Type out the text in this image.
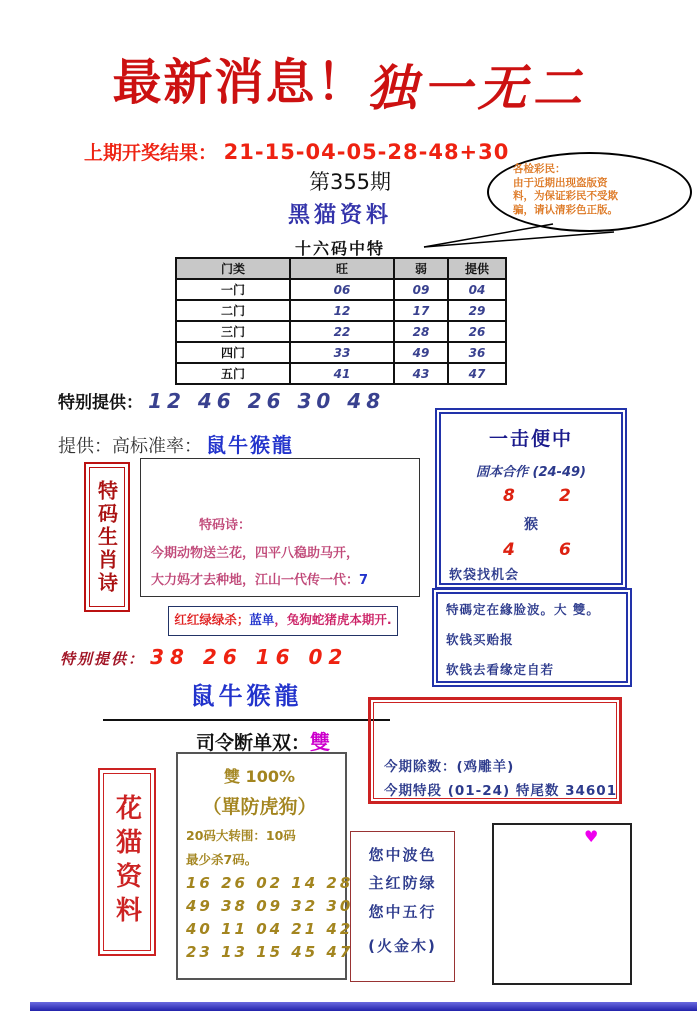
最新消息！独一无二
上期开奖结果： 21-15-04-05-28-48+30
第355期
黑猫资料
各检彩民：
由于近期出现盗版资
料，为保证彩民不受欺
骗，请认清彩色正版。
十六码中特
门类	旺	弱	提供
一门	06	09	04
二门	12	17	29
三门	22	28	26
四门	33	49	36
五门	41	43	47
特别提供： 12 46 26 30 48
提供：高标准率： 鼠牛猴龍
特码生肖诗	特码诗：
今期动物送兰花，四平八稳助马开，
大力妈才去种地，江山一代传一代：7
红红绿绿杀；蓝单，兔狗蛇猪虎本期开.
特别提供： 38 26 16 02
鼠牛猴龍
一击便中
固本合作 (24-49)
8	2
猴
4	6
软袋找机会
特碼定在緣脸波。大 雙。
软钱买贻报
软钱去看缘定自若
司令断单双：雙
雙 100%
（單防虎狗）
20码大转围：10码
最少杀7码。
16 26 02 14 28
49 38 09 32 30
40 11 04 21 42
23 13 15 45 47
花猫资料
今期除数：(鸡雕羊)
今期特段 (01-24) 特尾数 34601
您中波色
主红防绿
您中五行
(火金木)
♥
